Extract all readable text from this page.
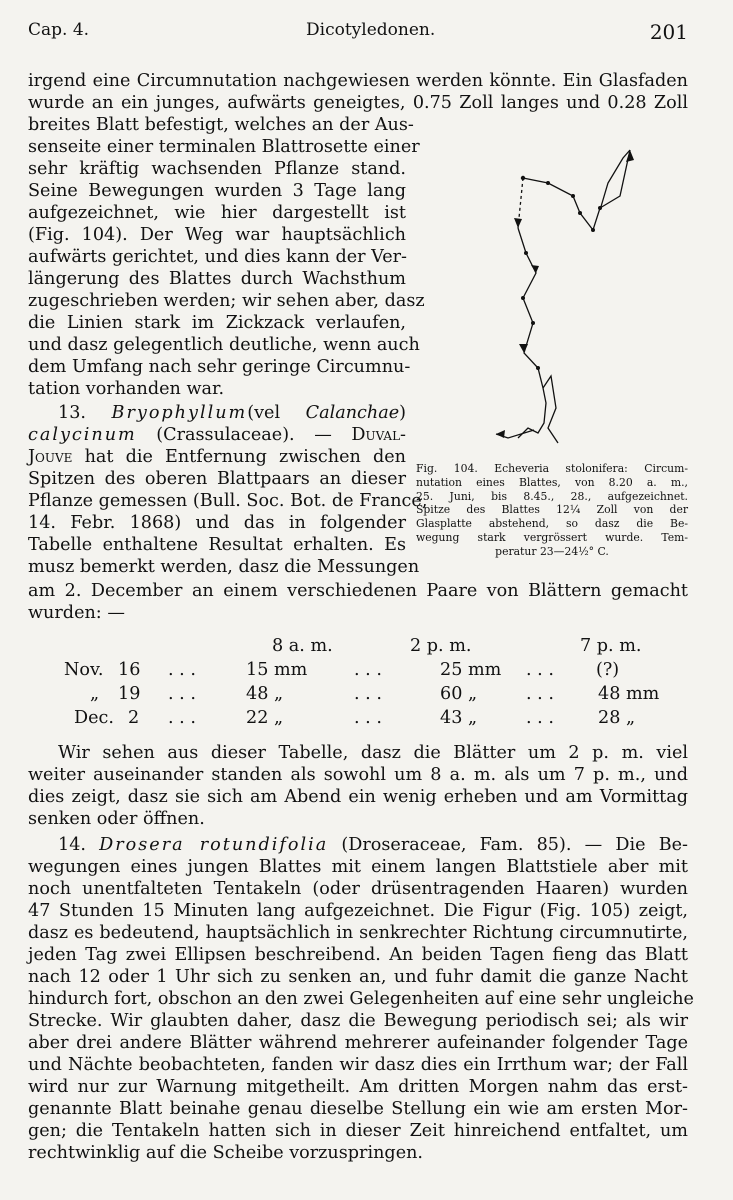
Cap. 4.	Dicotyledonen.	201
irgend eine Circumnutation nachgewiesen werden könnte. Ein Glasfaden
wurde an ein junges, aufwärts geneigtes, 0.75 Zoll langes und 0.28 Zoll
breites Blatt befestigt, welches an der Aus-
senseite einer terminalen Blattrosette einer
sehr kräftig wachsenden Pflanze stand.
Seine Bewegungen wurden 3 Tage lang
aufgezeichnet, wie hier dargestellt ist
(Fig. 104). Der Weg war hauptsächlich
aufwärts gerichtet, und dies kann der Ver-
längerung des Blattes durch Wachsthum
zugeschrieben werden; wir sehen aber, dasz
die Linien stark im Zickzack verlaufen,
und dasz gelegentlich deutliche, wenn auch
dem Umfang nach sehr geringe Circumnu-
tation vorhanden war.
13. Bryophyllum(vel Calanchae)
calycinum (Crassulaceae). — Duval-
Jouve hat die Entfernung zwischen den
Spitzen des oberen Blattpaars an dieser
Pflanze gemessen (Bull. Soc. Bot. de France,
14. Febr. 1868) und das in folgender
Tabelle enthaltene Resultat erhalten. Es
musz bemerkt werden, dasz die Messungen
am 2. December an einem verschiedenen Paare von Blättern gemacht
wurden: —
Fig. 104. Echeveria stolonifera: Circum-
nutation eines Blattes, von 8.20 a. m.,
25. Juni, bis 8.45., 28., aufgezeichnet.
Spitze des Blattes 12¼ Zoll von der
Glasplatte abstehend, so dasz die Be-
wegung stark vergrössert wurde. Tem-
peratur 23—24½° C.
8 a. m.	2 p. m.	7 p. m.
Nov. 16 . . .	15 mm	. . .	25 mm . . . (?)
„ 19 . . .	48 „	. . .	60 „	. . .	48 mm
Dec. 2 . . .	22 „	. . .	43 „	. . .	28 „
Wir sehen aus dieser Tabelle, dasz die Blätter um 2 p. m. viel
weiter auseinander standen als sowohl um 8 a. m. als um 7 p. m., und
dies zeigt, dasz sie sich am Abend ein wenig erheben und am Vormittag
senken oder öffnen.
14. Drosera rotundifolia (Droseraceae, Fam. 85). — Die Be-
wegungen eines jungen Blattes mit einem langen Blattstiele aber mit
noch unentfalteten Tentakeln (oder drüsentragenden Haaren) wurden
47 Stunden 15 Minuten lang aufgezeichnet. Die Figur (Fig. 105) zeigt,
dasz es bedeutend, hauptsächlich in senkrechter Richtung circumnutirte,
jeden Tag zwei Ellipsen beschreibend. An beiden Tagen fieng das Blatt
nach 12 oder 1 Uhr sich zu senken an, und fuhr damit die ganze Nacht
hindurch fort, obschon an den zwei Gelegenheiten auf eine sehr ungleiche
Strecke. Wir glaubten daher, dasz die Bewegung periodisch sei; als wir
aber drei andere Blätter während mehrerer aufeinander folgender Tage
und Nächte beobachteten, fanden wir dasz dies ein Irrthum war; der Fall
wird nur zur Warnung mitgetheilt. Am dritten Morgen nahm das erst-
genannte Blatt beinahe genau dieselbe Stellung ein wie am ersten Mor-
gen; die Tentakeln hatten sich in dieser Zeit hinreichend entfaltet, um
rechtwinklig auf die Scheibe vorzuspringen.
